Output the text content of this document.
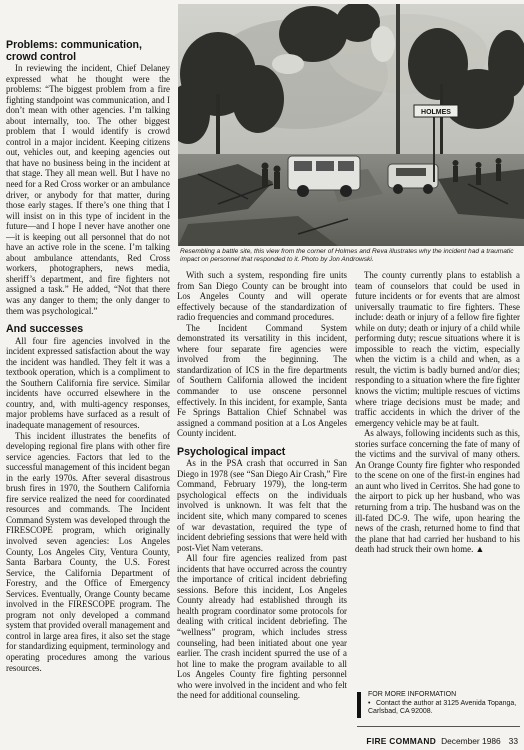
HOLMES
Resembling a battle site, this view from the corner of Holmes and Reva illustrates why the incident had a traumatic impact on personnel that responded to it. Photo by Jon Androwski.
Problems: communication, crowd control

In reviewing the incident, Chief Delaney expressed what he thought were the problems: “The biggest problem from a fire fighting standpoint was communication, and I don’t mean with other agencies. I’m talking about internally, too. The other biggest problem that I would identify is crowd control in a major incident. Keeping citizens out, vehicles out, and keeping agencies out that have no business being in the incident at that stage. They all mean well. But I have no need for a Red Cross worker or an ambulance driver, or anybody for that matter, during those early stages. If there’s one thing that I will insist on in this type of incident in the future—and I hope I never have another one—it is keeping out all personnel that do not have an active role in the scene. I’m talking about ambulance attendants, Red Cross workers, photographers, news media, sheriff’s department, and fire fighters not assigned a task.” He added, “Not that there was any danger to them; the only danger to them was psychological.”

And successes

All four fire agencies involved in the incident expressed satisfaction about the way the incident was handled. They felt it was a textbook operation, which is a compliment to the Southern California fire service. Similar incidents have occurred elsewhere in the country, and, with multi-agency responses, major problems have surfaced as a result of inadequate management of resources.

This incident illustrates the benefits of developing regional fire plans with other fire service agencies. Factors that led to the successful management of this incident began in the early 1970s. After several disastrous brush fires in 1970, the Southern California fire service realized the need for coordinated resources and commands. The Incident Command System was developed through the FIRESCOPE program, which originally involved seven agencies: Los Angeles County, Los Angeles City, Ventura County, Santa Barbara County, the U.S. Forest Service, the California Department of Forestry, and the Office of Emergency Services. Eventually, Orange County became involved in the FIRESCOPE program. The program not only developed a command system that provided overall management and control in large area fires, it also set the stage for standardizing equipment, terminology and operating procedures among the various resources.

With such a system, responding fire units from San Diego County can be brought into Los Angeles County and will operate effectively because of the standardization of radio frequencies and command procedures.

The Incident Command System demonstrated its versatility in this incident, where four separate fire agencies were involved from the beginning. The standardization of ICS in the fire departments of Southern California allowed the incident commander to use onscene personnel effectively. In this incident, for example, Santa Fe Springs Battalion Chief Schnabel was assigned a command position at a Los Angeles County incident.

Psychological impact

As in the PSA crash that occurred in San Diego in 1978 (see “San Diego Air Crash,” Fire Command, February 1979), the long-term psychological effects on the individuals involved is unknown. It was felt that the incident site, which many compared to scenes of war devastation, required the type of incident debriefing sessions that were held with post-Viet Nam veterans.

All four fire agencies realized from past incidents that have occurred across the country the importance of critical incident debriefing sessions. Before this incident, Los Angeles County already had established through its health program coordinator some protocols for dealing with critical incident debriefing. The “wellness” program, which includes stress counseling, had been initiated about one year earlier. The crash incident spurred the use of a hot line to make the program available to all Los Angeles County fire fighting personnel who were involved in the incident and who felt the need for additional counseling.

The county currently plans to establish a team of counselors that could be used in future incidents or for events that are almost universally traumatic to fire fighters. These include: death or injury of a fellow fire fighter while on duty; death or injury of a child while performing duty; rescue situations where it is impossible to reach the victim, especially when the victim is a child and when, as a result, the victim is badly burned and/or dies; responding to a situation where the fire fighter knows the victim; multiple rescues of victims where triage decisions must be made; and traffic accidents in which the driver of the emergency vehicle may be at fault.

As always, following incidents such as this, stories surface concerning the fate of many of the victims and the survival of many others. An Orange County fire fighter who responded to the scene on one of the first-in engines had an aunt who lived in Cerritos. She had gone to the airport to pick up her husband, who was returning from a trip. The husband was on the ill-fated DC-9. The wife, upon hearing the news of the crash, returned home to find that the plane that had carried her husband to his death had struck their own home. ▲

FOR MORE INFORMATION
• Contact the author at 3125 Avenida Topanga, Carlsbad, CA 92008.
FIRE COMMAND December 1986 33
